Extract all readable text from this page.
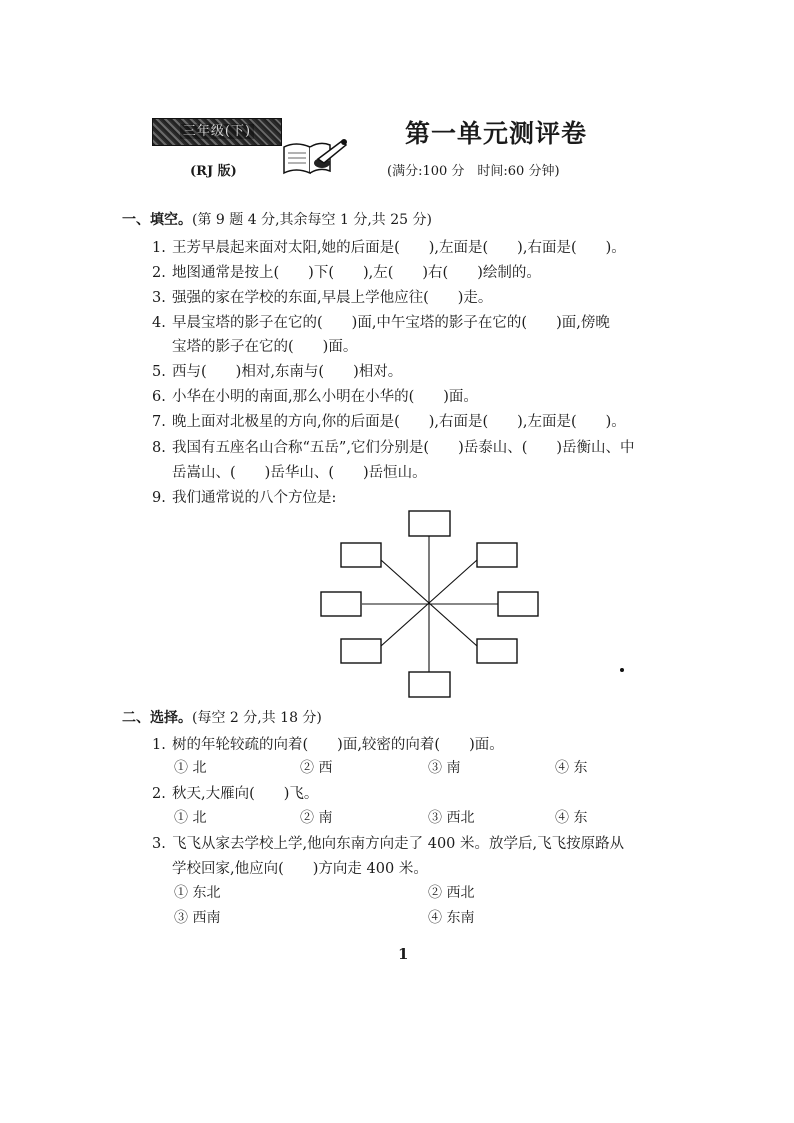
三年级(下)
(RJ 版)
第一单元测评卷
(满分:100 分　时间:60 分钟)
一、填空。(第 9 题 4 分,其余每空 1 分,共 25 分)
1. 王芳早晨起来面对太阳,她的后面是(　　),左面是(　　),右面是(　　)。
2. 地图通常是按上(　　)下(　　),左(　　)右(　　)绘制的。
3. 强强的家在学校的东面,早晨上学他应往(　　)走。
4. 早晨宝塔的影子在它的(　　)面,中午宝塔的影子在它的(　　)面,傍晚
宝塔的影子在它的(　　)面。
5. 西与(　　)相对,东南与(　　)相对。
6. 小华在小明的南面,那么小明在小华的(　　)面。
7. 晚上面对北极星的方向,你的后面是(　　),右面是(　　),左面是(　　)。
8. 我国有五座名山合称“五岳”,它们分别是(　　)岳泰山、(　　)岳衡山、中
岳嵩山、(　　)岳华山、(　　)岳恒山。
9. 我们通常说的八个方位是:
二、选择。(每空 2 分,共 18 分)
1. 树的年轮较疏的向着(　　)面,较密的向着(　　)面。
① 北	② 西	③ 南	④ 东
2. 秋天,大雁向(　　)飞。
① 北	② 南	③ 西北	④ 东
3. 飞飞从家去学校上学,他向东南方向走了 400 米。放学后,飞飞按原路从
学校回家,他应向(　　)方向走 400 米。
① 东北	② 西北
③ 西南	④ 东南
1
